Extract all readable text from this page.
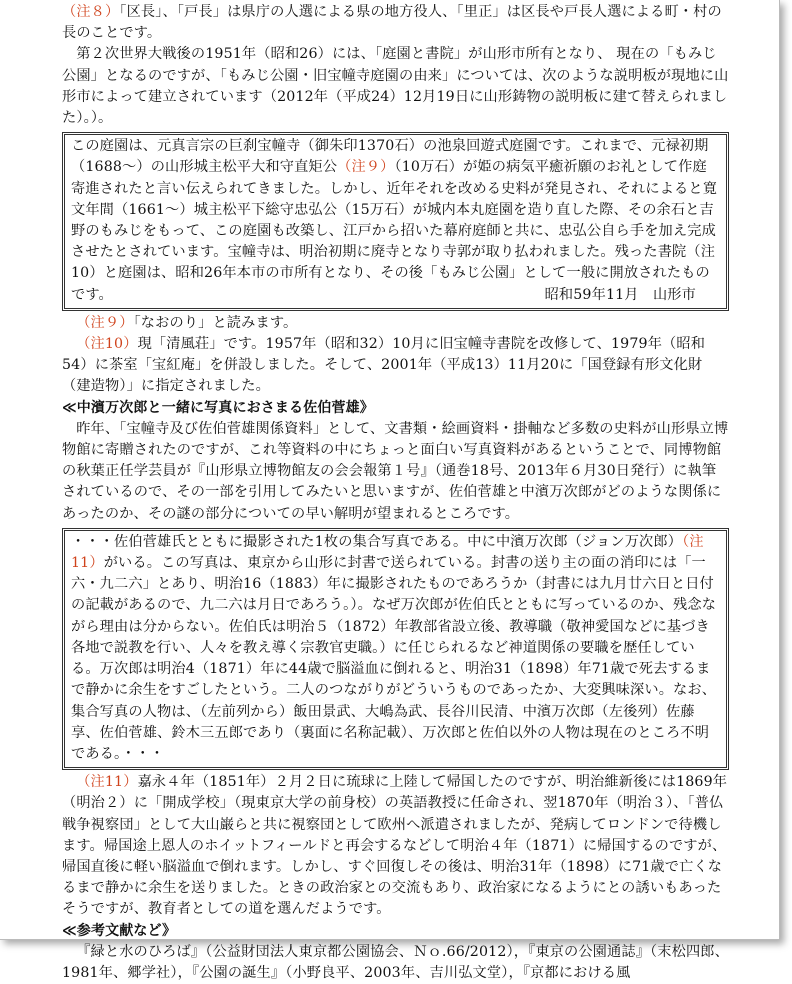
（注８）「区長」、「戸長」は県庁の人選による県の地方役人、「里正」は区長や戸長人選による町・村の長のことです。

第２次世界大戦後の1951年（昭和26）には、「庭園と書院」が山形市所有となり、 現在の「もみじ公園」となるのですが、「もみじ公園・旧宝幢寺庭園の由来」については、次のような説明板が現地に山形市によって建立されています（2012年（平成24）12月19日に山形鋳物の説明板に建て替えられました）。）。

この庭園は、元真言宗の巨刹宝幢寺（御朱印1370石）の池泉回遊式庭園です。これまで、元禄初期（1688～）の山形城主松平大和守直矩公（注９）（10万石）が姫の病気平癒祈願のお礼として作庭寄進されたと言い伝えられてきました。しかし、近年それを改める史料が発見され、それによると寛文年間（1661～）城主松平下総守忠弘公（15万石）が城内本丸庭園を造り直した際、その余石と吉野のもみじをもって、この庭園も改築し、江戸から招いた幕府庭師と共に、忠弘公自ら手を加え完成させたとされています。宝幢寺は、明治初期に廃寺となり寺郭が取り払われました。残った書院（注10）と庭園は、昭和26年本市の市所有となり、その後「もみじ公園」として一般に開放されたものです。	昭和59年11月　山形市

（注９）「なおのり」と読みます。

（注10）現「清風荘」です。1957年（昭和32）10月に旧宝幢寺書院を改修して、1979年（昭和54）に茶室「宝紅庵」を併設しました。そして、2001年（平成13）11月20に「国登録有形文化財（建造物）」に指定されました。

≪中濱万次郎と一緒に写真におさまる佐伯菅雄》

昨年、「宝幢寺及び佐伯菅雄関係資料」として、文書類・絵画資料・掛軸など多数の史料が山形県立博物館に寄贈されたのですが、これ等資料の中にちょっと面白い写真資料があるということで、同博物館の秋葉正任学芸員が『山形県立博物館友の会会報第１号』（通巻18号、2013年６月30日発行）に執筆されているので、その一部を引用してみたいと思いますが、佐伯菅雄と中濱万次郎がどのような関係にあったのか、その謎の部分についての早い解明が望まれるところです。

・・・佐伯菅雄氏とともに撮影された1枚の集合写真である。中に中濱万次郎（ジョン万次郎）（注11）がいる。この写真は、東京から山形に封書で送られている。封書の送り主の面の消印には「一六・九二六」とあり、明治16（1883）年に撮影されたものであろうか（封書には九月廿六日と日付の記載があるので、九二六は月日であろう。）。なぜ万次郎が佐伯氏とともに写っているのか、残念ながら理由は分からない。佐伯氏は明治５（1872）年教部省設立後、教導職（敬神愛国などに基づき各地で説教を行い、人々を教え導く宗教官吏職。）に任じられるなど神道関係の要職を歴任している。万次郎は明治4（1871）年に44歳で脳溢血に倒れると、明治31（1898）年71歳で死去するまで静かに余生をすごしたという。二人のつながりがどういうものであったか、大変興味深い。なお、集合写真の人物は、（左前列から）飯田景武、大嶋為武、長谷川民清、中濱万次郎（左後列）佐藤享、佐伯菅雄、鈴木三五郎であり（裏面に名称記載）、万次郎と佐伯以外の人物は現在のところ不明である。・・・

（注11）嘉永４年（1851年）２月２日に琉球に上陸して帰国したのですが、明治維新後には1869年（明治２）に「開成学校」（現東京大学の前身校）の英語教授に任命され、翌1870年（明治３）、「普仏戦争視察団」として大山巌らと共に視察団として欧州へ派遣されましたが、発病してロンドンで待機します。帰国途上恩人のホイットフィールドと再会するなどして明治４年（1871）に帰国するのですが、帰国直後に軽い脳溢血で倒れます。しかし、すぐ回復しその後は、明治31年（1898）に71歳で亡くなるまで静かに余生を送りました。ときの政治家との交流もあり、政治家になるようにとの誘いもあったそうですが、教育者としての道を選んだようです。

≪参考文献など》

『緑と水のひろば』（公益財団法人東京都公園協会、Ｎｏ.66/2012），『東京の公園通誌』（末松四郎、1981年、郷学社），『公園の誕生』（小野良平、2003年、吉川弘文堂），『京都における風
